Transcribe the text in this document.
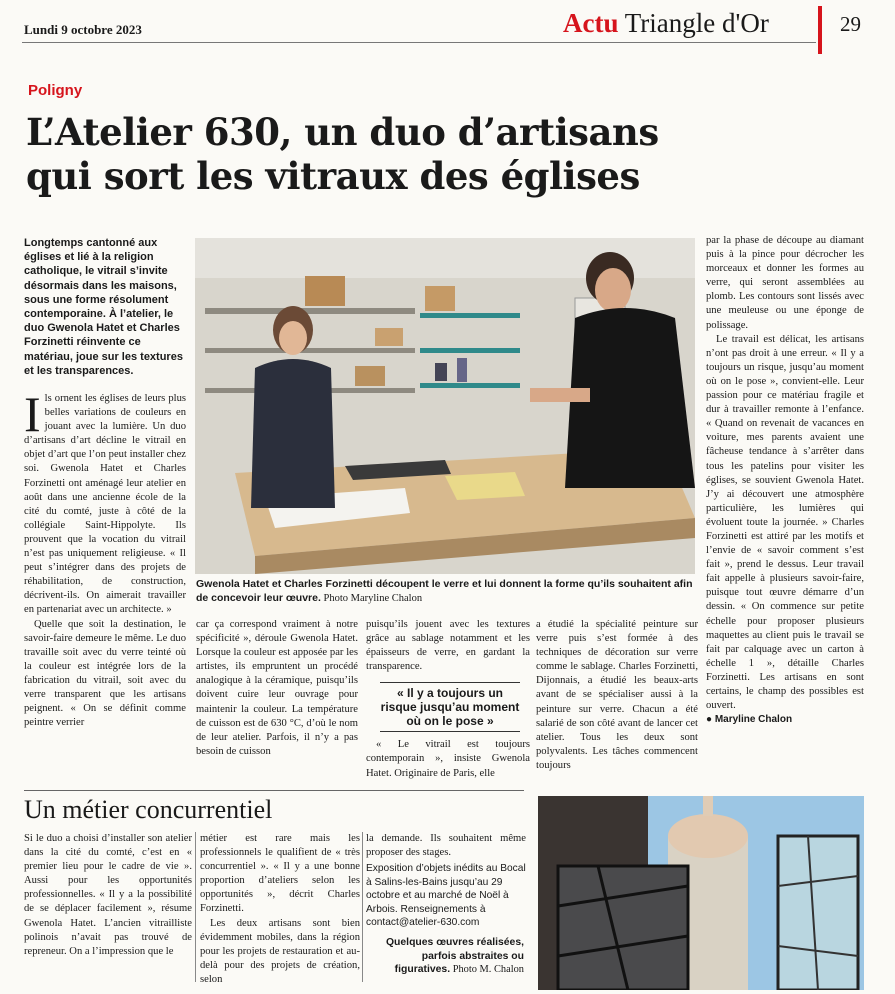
Lundi 9 octobre 2023	Actu Triangle d'Or	29
Poligny
L’Atelier 630, un duo d’artisans
qui sort les vitraux des églises
Longtemps cantonné aux églises et lié à la religion catholique, le vitrail s’invite désormais dans les maisons, sous une forme résolument contemporaine. À l’atelier, le duo Gwenola Hatet et Charles Forzinetti réinvente ce matériau, joue sur les textures et les transparences.

Ils ornent les églises de leurs plus belles variations de couleurs en jouant avec la lumière. Un duo d’artisans d’art décline le vitrail en objet d’art que l’on peut installer chez soi. Gwenola Hatet et Charles Forzinetti ont aménagé leur atelier en août dans une ancienne école de la cité du comté, juste à côté de la collégiale Saint-Hippolyte. Ils prouvent que la vocation du vitrail n’est pas uniquement religieuse. « Il peut s’intégrer dans des projets de réhabilitation, de construction, décrivent-ils. On aimerait travailler en partenariat avec un architecte. »

Quelle que soit la destination, le savoir-faire demeure le même. Le duo travaille soit avec du verre teinté où la couleur est intégrée lors de la fabrication du vitrail, soit avec du verre transparent que les artisans peignent. « On se définit comme peintre verrier

Gwenola Hatet et Charles Forzinetti découpent le verre et lui donnent la forme qu’ils souhaitent afin de concevoir leur œuvre. Photo Maryline Chalon

car ça correspond vraiment à notre spécificité », déroule Gwenola Hatet. Lorsque la couleur est apposée par les artistes, ils empruntent un procédé analogique à la céramique, puisqu’ils doivent cuire leur ouvrage pour maintenir la couleur. La température de cuisson est de 630 °C, d’où le nom de leur atelier. Parfois, il n’y a pas besoin de cuisson

puisqu’ils jouent avec les textures grâce au sablage notamment et les épaisseurs de verre, en gardant la transparence.

« Le vitrail est toujours contemporain », insiste Gwenola Hatet. Originaire de Paris, elle

« Il y a toujours un risque jusqu’au moment où on le pose »

a étudié la spécialité peinture sur verre puis s’est formée à des techniques de décoration sur verre comme le sablage. Charles Forzinetti, Dijonnais, a étudié les beaux-arts avant de se spécialiser aussi à la peinture sur verre. Chacun a été salarié de son côté avant de lancer cet atelier. Tous les deux sont polyvalents. Les tâches commencent toujours

par la phase de découpe au diamant puis à la pince pour décrocher les morceaux et donner les formes au verre, qui seront assemblées au plomb. Les contours sont lissés avec une meuleuse ou une éponge de polissage.

Le travail est délicat, les artisans n’ont pas droit à une erreur. « Il y a toujours un risque, jusqu’au moment où on le pose », convient-elle. Leur passion pour ce matériau fragile et dur à travailler remonte à l’enfance. « Quand on revenait de vacances en voiture, mes parents avaient une fâcheuse tendance à s’arrêter dans tous les patelins pour visiter les églises, se souvient Gwenola Hatet. J’y ai découvert une atmosphère particulière, les lumières qui évoluent toute la journée. » Charles Forzinetti est attiré par les motifs et l’envie de « savoir comment s’est fait », prend le dessus. Leur travail fait appelle à plusieurs savoir-faire, puisque tout œuvre démarre d’un dessin. « On commence sur petite échelle pour proposer plusieurs maquettes au client puis le travail se fait par calquage avec un carton à échelle 1 », détaille Charles Forzinetti. Les artisans en sont certains, le champ des possibles est ouvert.

● Maryline Chalon
Un métier concurrentiel

Si le duo a choisi d’installer son atelier dans la cité du comté, c’est en « premier lieu pour le cadre de vie ». Aussi pour les opportunités professionnelles. « Il y a la possibilité de se déplacer facilement », résume Gwenola Hatet. L’ancien vitrailliste polinois n’avait pas trouvé de repreneur. On a l’impression que le

métier est rare mais les professionnels le qualifient de « très concurrentiel ». « Il y a une bonne proportion d’ateliers selon les opportunités », décrit Charles Forzinetti.

Les deux artisans sont bien évidemment mobiles, dans la région pour les projets de restauration et au-delà pour des projets de création, selon

la demande. Ils souhaitent même proposer des stages.

Exposition d’objets inédits au Bocal à Salins-les-Bains jusqu’au 29 octobre et au marché de Noël à Arbois. Renseignements à contact@atelier-630.com

Quelques œuvres réalisées, parfois abstraites ou figuratives. Photo M. Chalon
